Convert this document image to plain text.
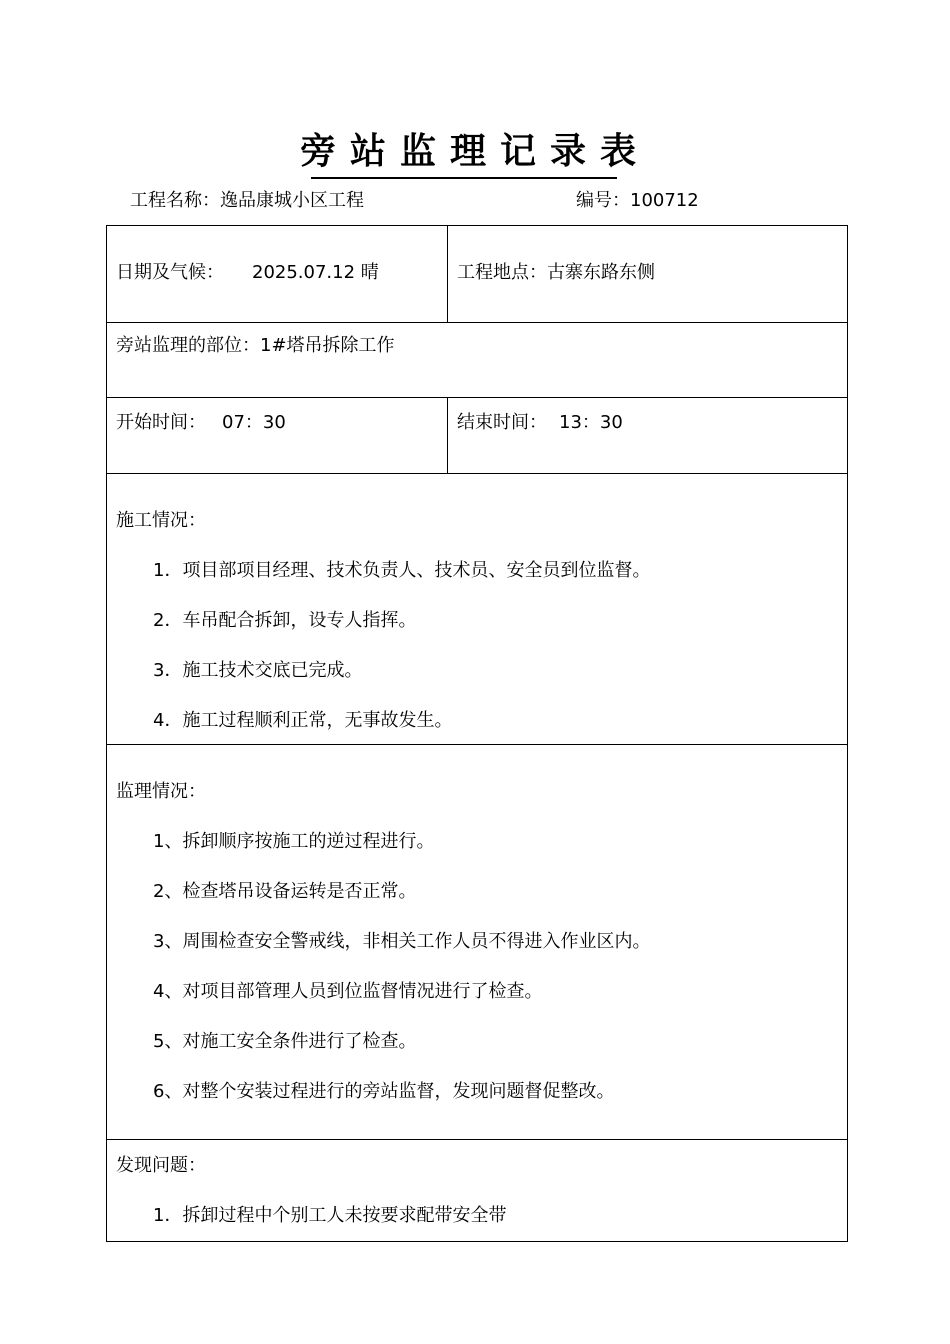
旁站监理记录表
工程名称：逸品康城小区工程	编号：100712
日期及气候： 2025.07.12 晴	工程地点：古寨东路东侧
旁站监理的部位：1#塔吊拆除工作
开始时间： 07：30	结束时间： 13：30
施工情况：
1．项目部项目经理、技术负责人、技术员、安全员到位监督。
2．车吊配合拆卸，设专人指挥。
3．施工技术交底已完成。
4．施工过程顺利正常，无事故发生。
监理情况：
1、拆卸顺序按施工的逆过程进行。
2、检查塔吊设备运转是否正常。
3、周围检查安全警戒线，非相关工作人员不得进入作业区内。
4、对项目部管理人员到位监督情况进行了检查。
5、对施工安全条件进行了检查。
6、对整个安装过程进行的旁站监督，发现问题督促整改。
发现问题：
1．拆卸过程中个别工人未按要求配带安全带
